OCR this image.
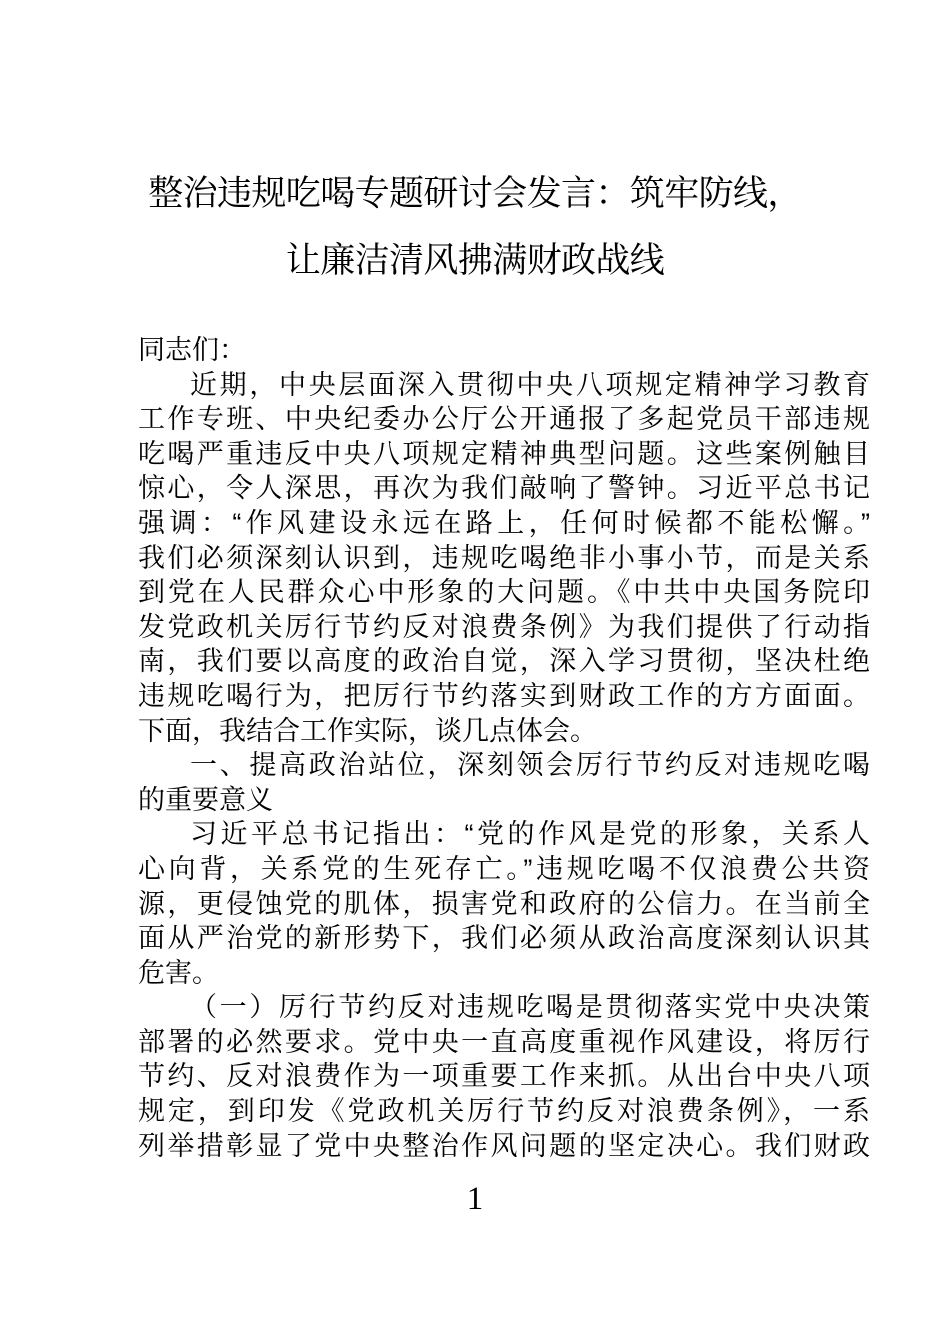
整治违规吃喝专题研讨会发言：筑牢防线，
让廉洁清风拂满财政战线
同志们：
近期，中央层面深入贯彻中央八项规定精神学习教育
工作专班、中央纪委办公厅公开通报了多起党员干部违规
吃喝严重违反中央八项规定精神典型问题。这些案例触目
惊心，令人深思，再次为我们敲响了警钟。习近平总书记
强调：“作风建设永远在路上，任何时候都不能松懈。”
我们必须深刻认识到，违规吃喝绝非小事小节，而是关系
到党在人民群众心中形象的大问题。《中共中央国务院印
发党政机关厉行节约反对浪费条例》为我们提供了行动指
南，我们要以高度的政治自觉，深入学习贯彻，坚决杜绝
违规吃喝行为，把厉行节约落实到财政工作的方方面面。
下面，我结合工作实际，谈几点体会。
一、提高政治站位，深刻领会厉行节约反对违规吃喝
的重要意义
习近平总书记指出：“党的作风是党的形象，关系人
心向背，关系党的生死存亡。”违规吃喝不仅浪费公共资
源，更侵蚀党的肌体，损害党和政府的公信力。在当前全
面从严治党的新形势下，我们必须从政治高度深刻认识其
危害。
（一）厉行节约反对违规吃喝是贯彻落实党中央决策
部署的必然要求。党中央一直高度重视作风建设，将厉行
节约、反对浪费作为一项重要工作来抓。从出台中央八项
规定，到印发《党政机关厉行节约反对浪费条例》，一系
列举措彰显了党中央整治作风问题的坚定决心。我们财政
1
